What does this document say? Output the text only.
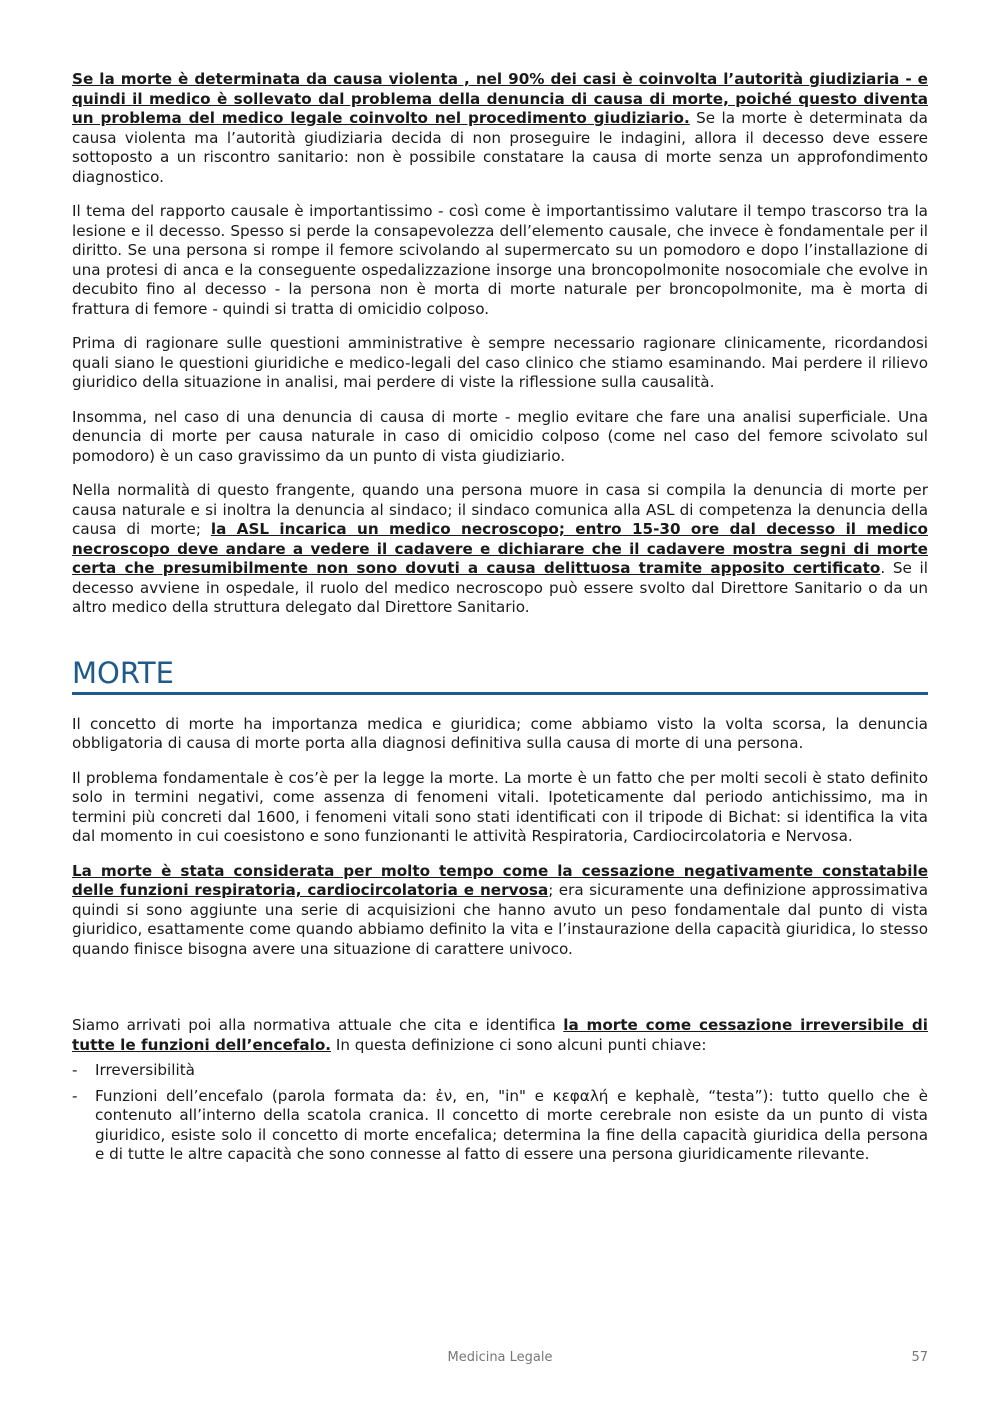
Se la morte è determinata da causa violenta , nel 90% dei casi è coinvolta l’autorità giudiziaria - e quindi il medico è sollevato dal problema della denuncia di causa di morte, poiché questo diventa un problema del medico legale coinvolto nel procedimento giudiziario. Se la morte è determinata da causa violenta ma l’autorità giudiziaria decida di non proseguire le indagini, allora il decesso deve essere sottoposto a un riscontro sanitario: non è possibile constatare la causa di morte senza un approfondimento diagnostico.

Il tema del rapporto causale è importantissimo - così come è importantissimo valutare il tempo trascorso tra la lesione e il decesso. Spesso si perde la consapevolezza dell’elemento causale, che invece è fondamentale per il diritto. Se una persona si rompe il femore scivolando al supermercato su un pomodoro e dopo l’installazione di una protesi di anca e la conseguente ospedalizzazione insorge una broncopolmonite nosocomiale che evolve in decubito fino al decesso - la persona non è morta di morte naturale per broncopolmonite, ma è morta di frattura di femore - quindi si tratta di omicidio colposo.

Prima di ragionare sulle questioni amministrative è sempre necessario ragionare clinicamente, ricordandosi quali siano le questioni giuridiche e medico-legali del caso clinico che stiamo esaminando. Mai perdere il rilievo giuridico della situazione in analisi, mai perdere di viste la riflessione sulla causalità.

Insomma, nel caso di una denuncia di causa di morte - meglio evitare che fare una analisi superficiale. Una denuncia di morte per causa naturale in caso di omicidio colposo (come nel caso del femore scivolato sul pomodoro) è un caso gravissimo da un punto di vista giudiziario.

Nella normalità di questo frangente, quando una persona muore in casa si compila la denuncia di morte per causa naturale e si inoltra la denuncia al sindaco; il sindaco comunica alla ASL di competenza la denuncia della causa di morte; la ASL incarica un medico necroscopo; entro 15-30 ore dal decesso il medico necroscopo deve andare a vedere il cadavere e dichiarare che il cadavere mostra segni di morte certa che presumibilmente non sono dovuti a causa delittuosa tramite apposito certificato. Se il decesso avviene in ospedale, il ruolo del medico necroscopo può essere svolto dal Direttore Sanitario o da un altro medico della struttura delegato dal Direttore Sanitario.

MORTE

Il concetto di morte ha importanza medica e giuridica; come abbiamo visto la volta scorsa, la denuncia obbligatoria di causa di morte porta alla diagnosi definitiva sulla causa di morte di una persona.

Il problema fondamentale è cos’è per la legge la morte. La morte è un fatto che per molti secoli è stato definito solo in termini negativi, come assenza di fenomeni vitali. Ipoteticamente dal periodo antichissimo, ma in termini più concreti dal 1600, i fenomeni vitali sono stati identificati con il tripode di Bichat: si identifica la vita dal momento in cui coesistono e sono funzionanti le attività Respiratoria, Cardiocircolatoria e Nervosa.

La morte è stata considerata per molto tempo come la cessazione negativamente constatabile delle funzioni respiratoria, cardiocircolatoria e nervosa; era sicuramente una definizione approssimativa quindi si sono aggiunte una serie di acquisizioni che hanno avuto un peso fondamentale dal punto di vista giuridico, esattamente come quando abbiamo definito la vita e l’instaurazione della capacità giuridica, lo stesso quando finisce bisogna avere una situazione di carattere univoco.

Siamo arrivati poi alla normativa attuale che cita e identifica la morte come cessazione irreversibile di tutte le funzioni dell’encefalo. In questa definizione ci sono alcuni punti chiave:

- Irreversibilità
- Funzioni dell’encefalo (parola formata da: ἐν, en, "in" e κεφαλή e kephalè, “testa”): tutto quello che è contenuto all’interno della scatola cranica. Il concetto di morte cerebrale non esiste da un punto di vista giuridico, esiste solo il concetto di morte encefalica; determina la fine della capacità giuridica della persona e di tutte le altre capacità che sono connesse al fatto di essere una persona giuridicamente rilevante.
Medicina Legale	57
